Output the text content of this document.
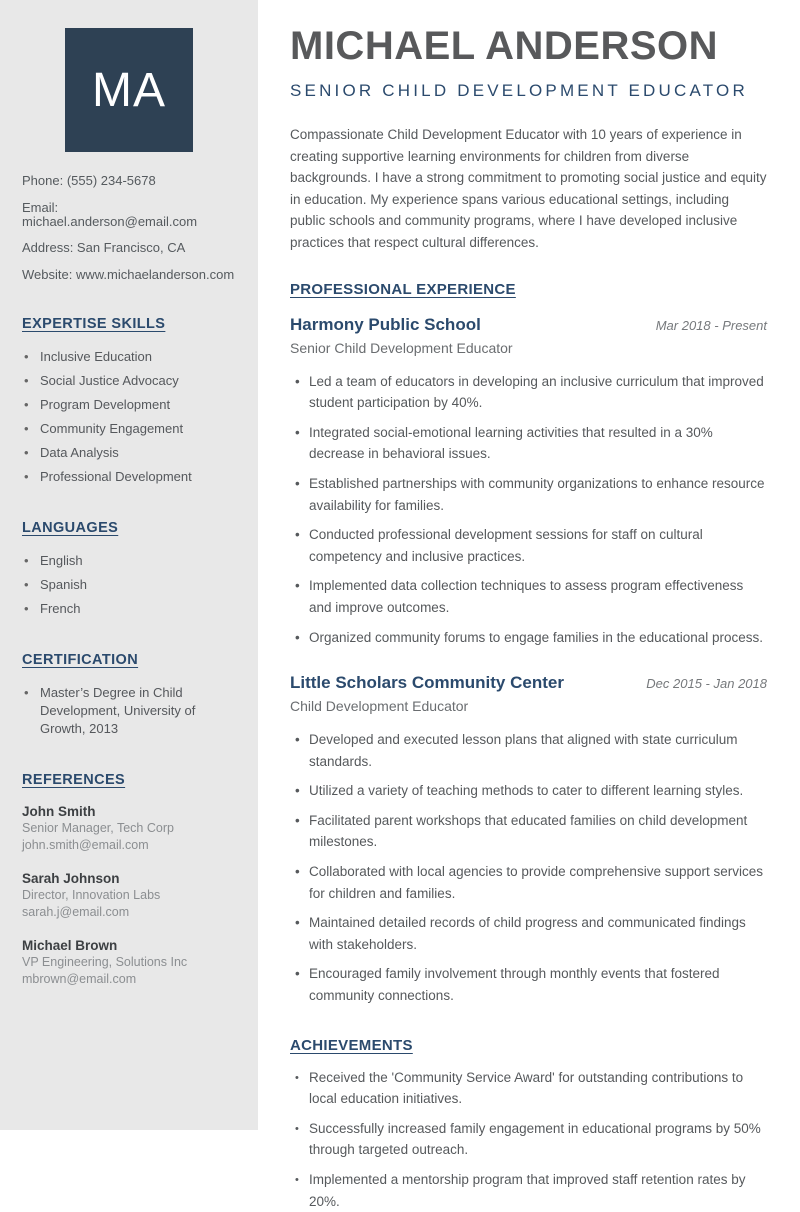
MA
Phone: (555) 234-5678
Email: michael.anderson@email.com
Address: San Francisco, CA
Website: www.michaelanderson.com
EXPERTISE SKILLS
• Inclusive Education
• Social Justice Advocacy
• Program Development
• Community Engagement
• Data Analysis
• Professional Development
LANGUAGES
• English
• Spanish
• French
CERTIFICATION
• Master’s Degree in Child Development, University of Growth, 2013
REFERENCES
John Smith
Senior Manager, Tech Corp
john.smith@email.com
Sarah Johnson
Director, Innovation Labs
sarah.j@email.com
Michael Brown
VP Engineering, Solutions Inc
mbrown@email.com
MICHAEL ANDERSON
SENIOR CHILD DEVELOPMENT EDUCATOR

Compassionate Child Development Educator with 10 years of experience in creating supportive learning environments for children from diverse backgrounds. I have a strong commitment to promoting social justice and equity in education. My experience spans various educational settings, including public schools and community programs, where I have developed inclusive practices that respect cultural differences.

PROFESSIONAL EXPERIENCE
Harmony Public School	Mar 2018 - Present
Senior Child Development Educator
• Led a team of educators in developing an inclusive curriculum that improved student participation by 40%.
• Integrated social-emotional learning activities that resulted in a 30% decrease in behavioral issues.
• Established partnerships with community organizations to enhance resource availability for families.
• Conducted professional development sessions for staff on cultural competency and inclusive practices.
• Implemented data collection techniques to assess program effectiveness and improve outcomes.
• Organized community forums to engage families in the educational process.
Little Scholars Community Center	Dec 2015 - Jan 2018
Child Development Educator
• Developed and executed lesson plans that aligned with state curriculum standards.
• Utilized a variety of teaching methods to cater to different learning styles.
• Facilitated parent workshops that educated families on child development milestones.
• Collaborated with local agencies to provide comprehensive support services for children and families.
• Maintained detailed records of child progress and communicated findings with stakeholders.
• Encouraged family involvement through monthly events that fostered community connections.
ACHIEVEMENTS
• Received the 'Community Service Award' for outstanding contributions to local education initiatives.
• Successfully increased family engagement in educational programs by 50% through targeted outreach.
• Implemented a mentorship program that improved staff retention rates by 20%.
